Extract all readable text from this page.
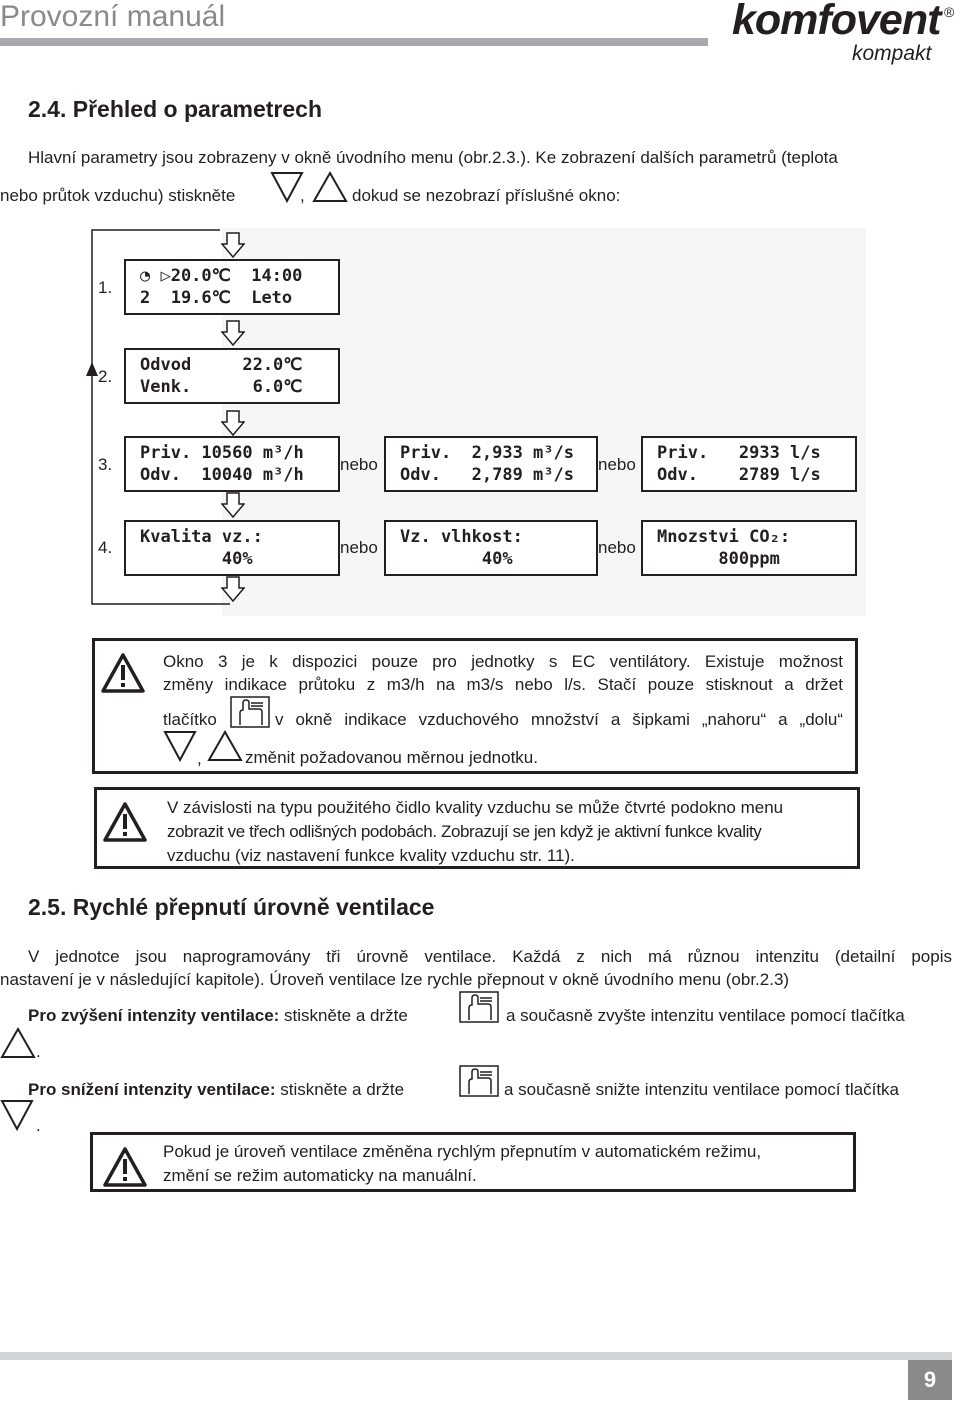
Provozní manuál	komfovent ®
kompakt
2.4. Přehled o parametrech
Hlavní parametry jsou zobrazeny v okně úvodního menu (obr.2.3.). Ke zobrazení dalších parametrů (teplota
nebo průtok vzduchu) stiskněte	,	dokud se nezobrazí příslušné okno:
1.
2.
3.
4.
◔ ▷20.0℃  14:00
2  19.6℃  Leto
Odvod     22.0℃
Venk.      6.0℃
Priv. 10560 m³/h
Odv.  10040 m³/h
nebo
Priv.  2,933 m³/s
Odv.   2,789 m³/s
nebo
Priv.   2933 l/s
Odv.    2789 l/s
Kvalita vz.:
40%
nebo
Vz. vlhkost:
40%
nebo
Mnozstvi CO₂:
800ppm
Okno 3 je k dispozici pouze pro jednotky s EC ventilátory. Existuje možnost
změny indikace průtoku z m3/h na m3/s nebo l/s. Stačí pouze stisknout a držet
tlačítko	v okně indikace vzduchového množství a šipkami „nahoru“ a „dolu“
,	změnit požadovanou měrnou jednotku.
V závislosti na typu použitého čidlo kvality vzduchu se může čtvrté podokno menu
zobrazit ve třech odlišných podobách. Zobrazují se jen když je aktivní funkce kvality
vzduchu (viz nastavení funkce kvality vzduchu str. 11).
2.5. Rychlé přepnutí úrovně ventilace
V jednotce jsou naprogramovány tři úrovně ventilace. Každá z nich má různou intenzitu (detailní popis
nastavení je v následující kapitole). Úroveň ventilace lze rychle přepnout v okně úvodního menu (obr.2.3)
Pro zvýšení intenzity ventilace: stiskněte a držte	a současně zvyšte intenzitu ventilace pomocí tlačítka
.
Pro snížení intenzity ventilace: stiskněte a držte	a současně snižte intenzitu ventilace pomocí tlačítka
.
Pokud je úroveň ventilace změněna rychlým přepnutím v automatickém režimu,
změní se režim automaticky na manuální.
9
